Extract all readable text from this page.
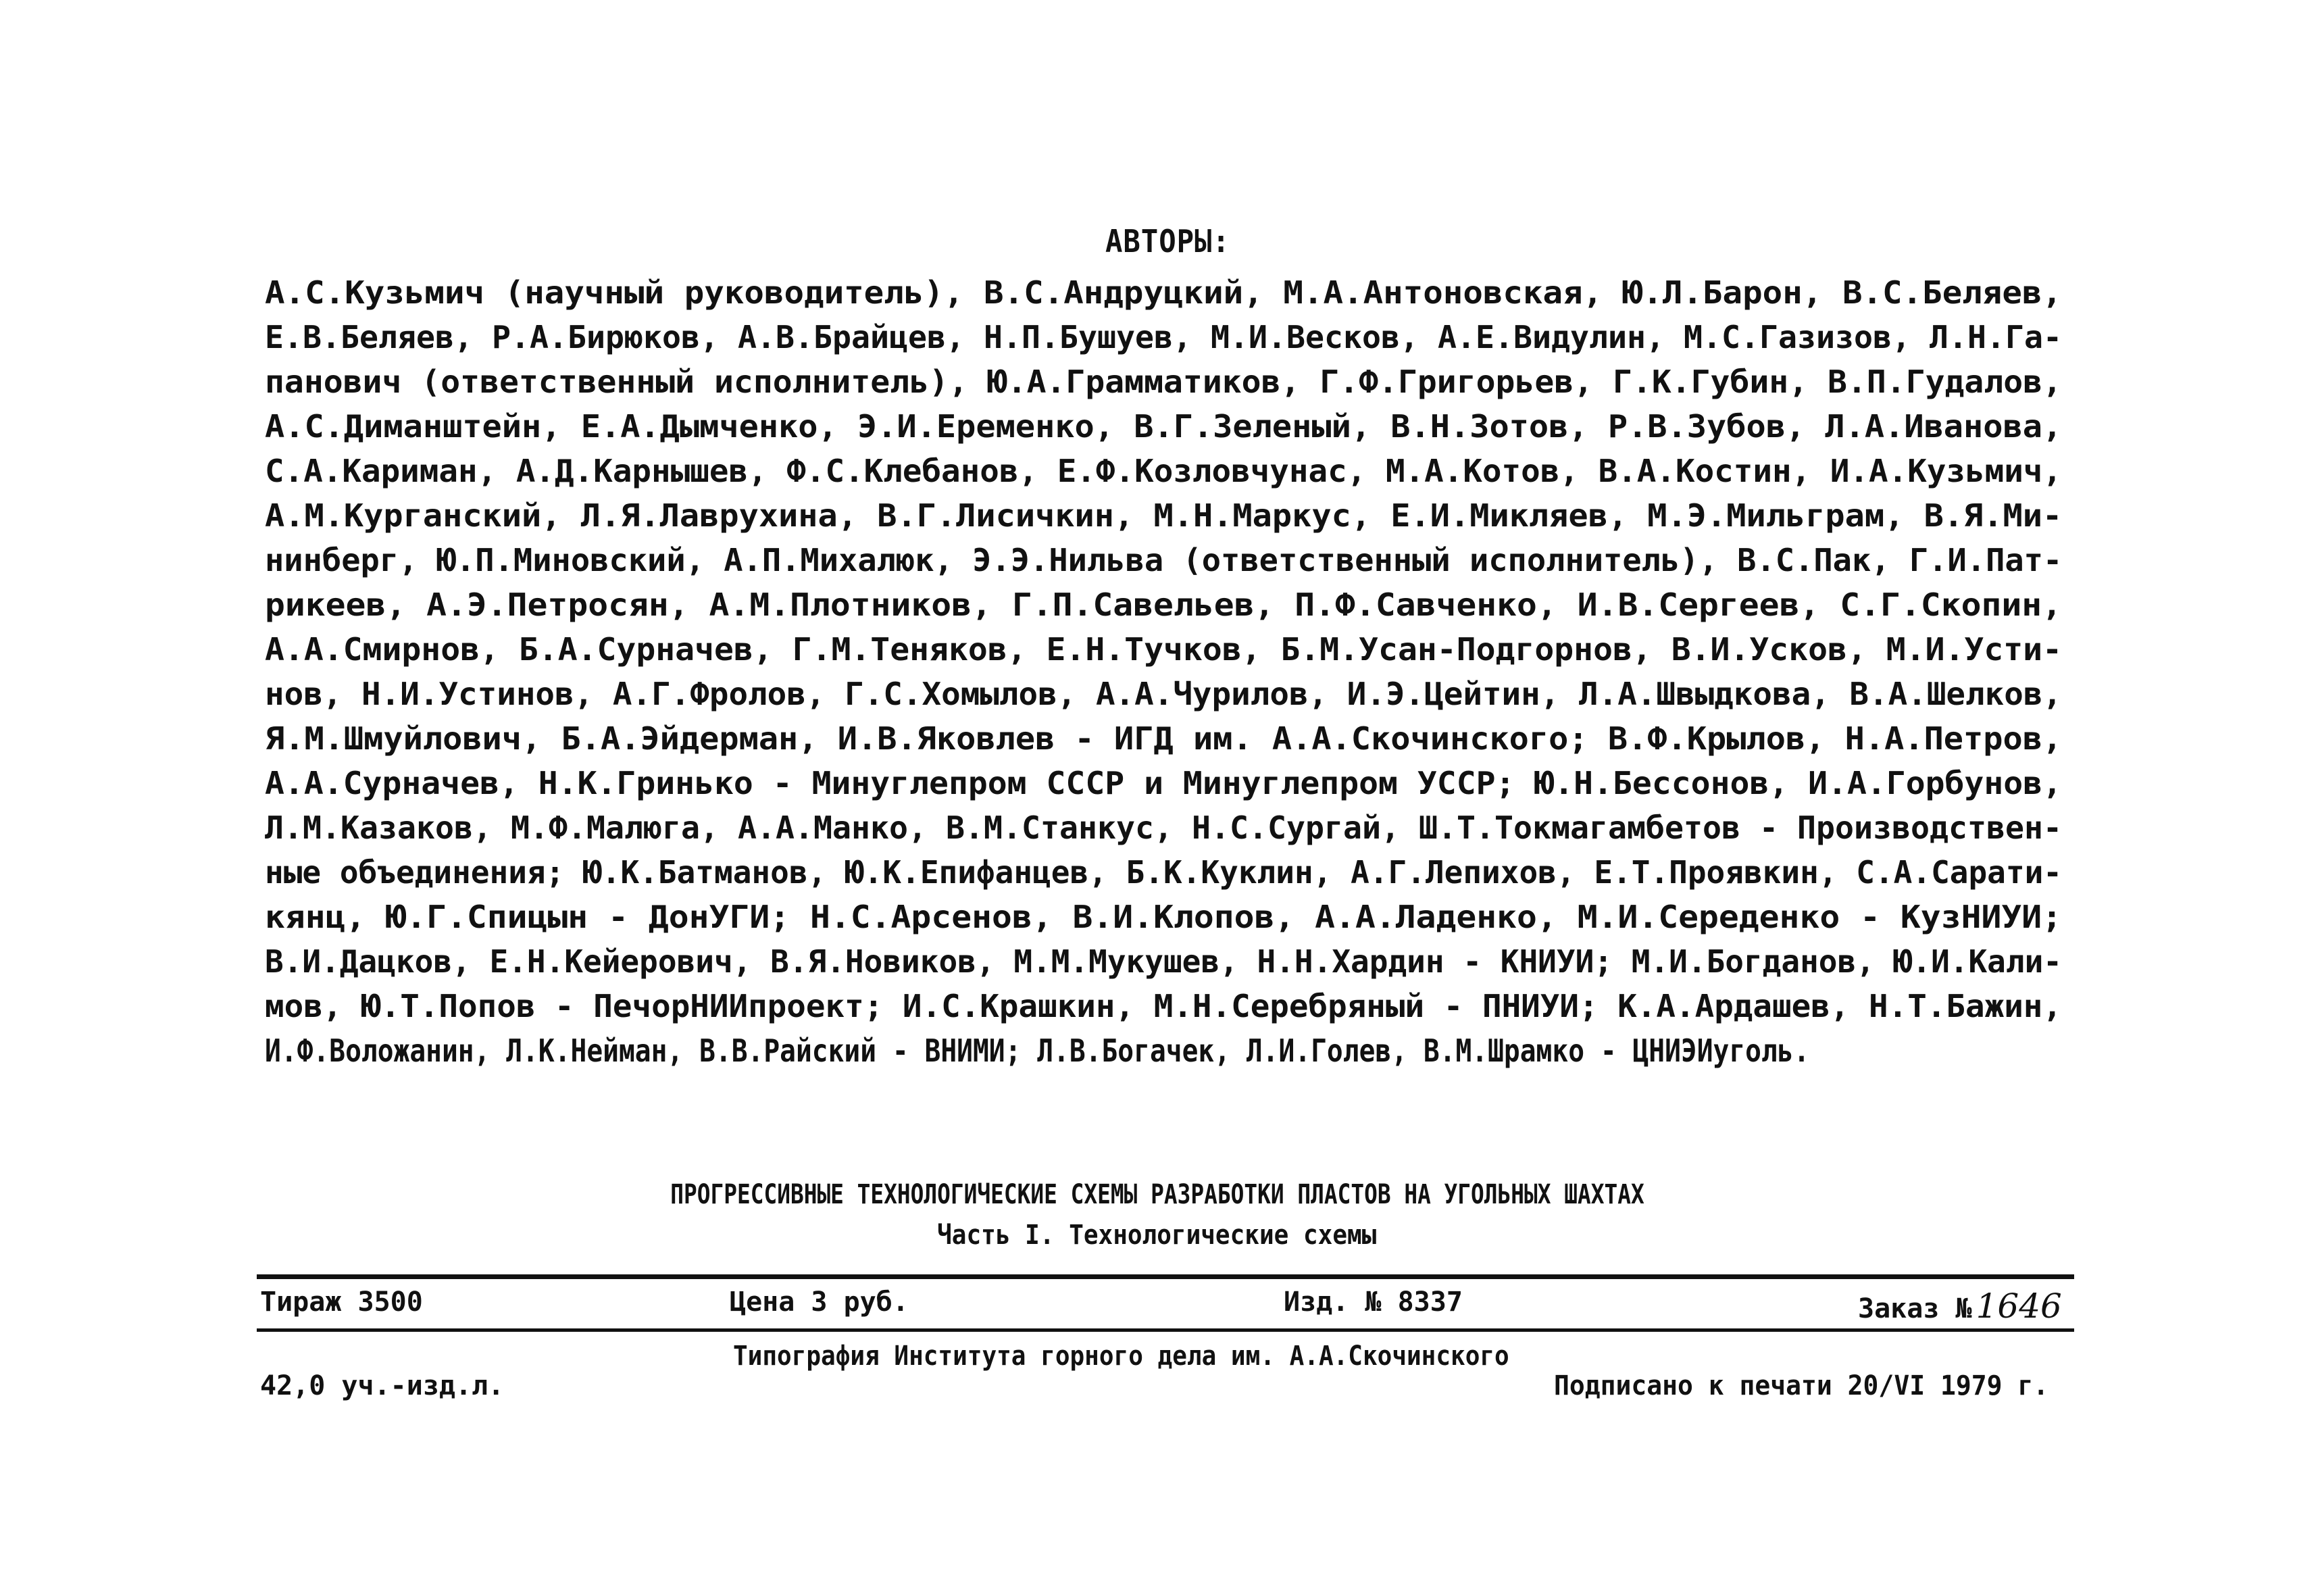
АВТОРЫ:
А.С.Кузьмич (научный руководитель), В.С.Андруцкий, М.А.Антоновская, Ю.Л.Барон, В.С.Беляев,
Е.В.Беляев, Р.А.Бирюков, А.В.Брайцев, Н.П.Бушуев, М.И.Весков, А.Е.Видулин, М.С.Газизов, Л.Н.Га-
панович (ответственный исполнитель), Ю.А.Грамматиков, Г.Ф.Григорьев, Г.К.Губин, В.П.Гудалов,
А.С.Диманштейн, Е.А.Дымченко, Э.И.Еременко, В.Г.Зеленый, В.Н.Зотов, Р.В.Зубов, Л.А.Иванова,
С.А.Кариман, А.Д.Карнышев, Ф.С.Клебанов, Е.Ф.Козловчунас, М.А.Котов, В.А.Костин, И.А.Кузьмич,
А.М.Курганский, Л.Я.Лаврухина, В.Г.Лисичкин, М.Н.Маркус, Е.И.Микляев, М.Э.Мильграм, В.Я.Ми-
нинберг, Ю.П.Миновский, А.П.Михалюк, Э.Э.Нильва (ответственный исполнитель), В.С.Пак, Г.И.Пат-
рикеев, А.Э.Петросян, А.М.Плотников, Г.П.Савельев, П.Ф.Савченко, И.В.Сергеев, С.Г.Скопин,
А.А.Смирнов, Б.А.Сурначев, Г.М.Теняков, Е.Н.Тучков, Б.М.Усан-Подгорнов, В.И.Усков, М.И.Усти-
нов, Н.И.Устинов, А.Г.Фролов, Г.С.Хомылов, А.А.Чурилов, И.Э.Цейтин, Л.А.Швыдкова, В.А.Шелков,
Я.М.Шмуйлович, Б.А.Эйдерман, И.В.Яковлев - ИГД им. А.А.Скочинского; В.Ф.Крылов, Н.А.Петров,
А.А.Сурначев, Н.К.Гринько - Минуглепром СССР и Минуглепром УССР; Ю.Н.Бессонов, И.А.Горбунов,
Л.М.Казаков, М.Ф.Малюга, А.А.Манко, В.М.Станкус, Н.С.Сургай, Ш.Т.Токмагамбетов - Производствен-
ные объединения; Ю.К.Батманов, Ю.К.Епифанцев, Б.К.Куклин, А.Г.Лепихов, Е.Т.Проявкин, С.А.Сарати-
кянц, Ю.Г.Спицын - ДонУГИ; Н.С.Арсенов, В.И.Клопов, А.А.Ладенко, М.И.Середенко - КузНИУИ;
В.И.Дацков, Е.Н.Кейерович, В.Я.Новиков, М.М.Мукушев, Н.Н.Хардин - КНИУИ; М.И.Богданов, Ю.И.Кали-
мов, Ю.Т.Попов - ПечорНИИпроект; И.С.Крашкин, М.Н.Серебряный - ПНИУИ; К.А.Ардашев, Н.Т.Бажин,
И.Ф.Воложанин, Л.К.Нейман, В.В.Райский - ВНИМИ; Л.В.Богачек, Л.И.Голев, В.М.Шрамко - ЦНИЭИуголь.
ПРОГРЕССИВНЫЕ ТЕХНОЛОГИЧЕСКИЕ СХЕМЫ РАЗРАБОТКИ ПЛАСТОВ НА УГОЛЬНЫХ ШАХТАХ
Часть I. Технологические схемы
Тираж 3500	Цена 3 руб.	Изд. № 8337	Заказ № 1646
Типография Института горного дела им. А.А.Скочинского
42,0 уч.-изд.л.	Подписано к печати 20/VI 1979 г.
